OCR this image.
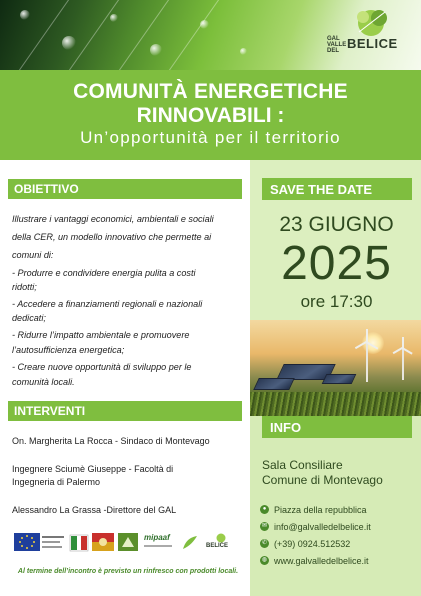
GAL
VALLE
DEL BELICE
COMUNITÀ ENERGETICHE
RINNOVABILI :
Un’opportunità per il territorio
SAVE THE DATE
23 GIUGNO
2025
ore 17:30
INFO
Sala Consiliare
Comune di Montevago
● Piazza della repubblica
✉ info@galvalledelbelice.it
✆ (+39) 0924.512532
◍ www.galvalledelbelice.it
OBIETTIVO
Illustrare i vantaggi economici, ambientali e sociali
della CER, un modello innovativo che permette ai
comuni di:
- Produrre e condividere energia pulita a costi
ridotti;
- Accedere a finanziamenti regionali e nazionali
dedicati;
- Ridurre l’impatto ambientale e promuovere
l’autosufficienza energetica;
- Creare nuove opportunità di sviluppo per le
comunità locali.
INTERVENTI
On. Margherita La Rocca - Sindaco di Montevago
Ingegnere Sciumè Giuseppe - Facoltà di
Ingegneria di Palermo
Alessandro La Grassa -Direttore del GAL
mipaaf
BELICE
Al termine dell’incontro è previsto un rinfresco con prodotti locali.
